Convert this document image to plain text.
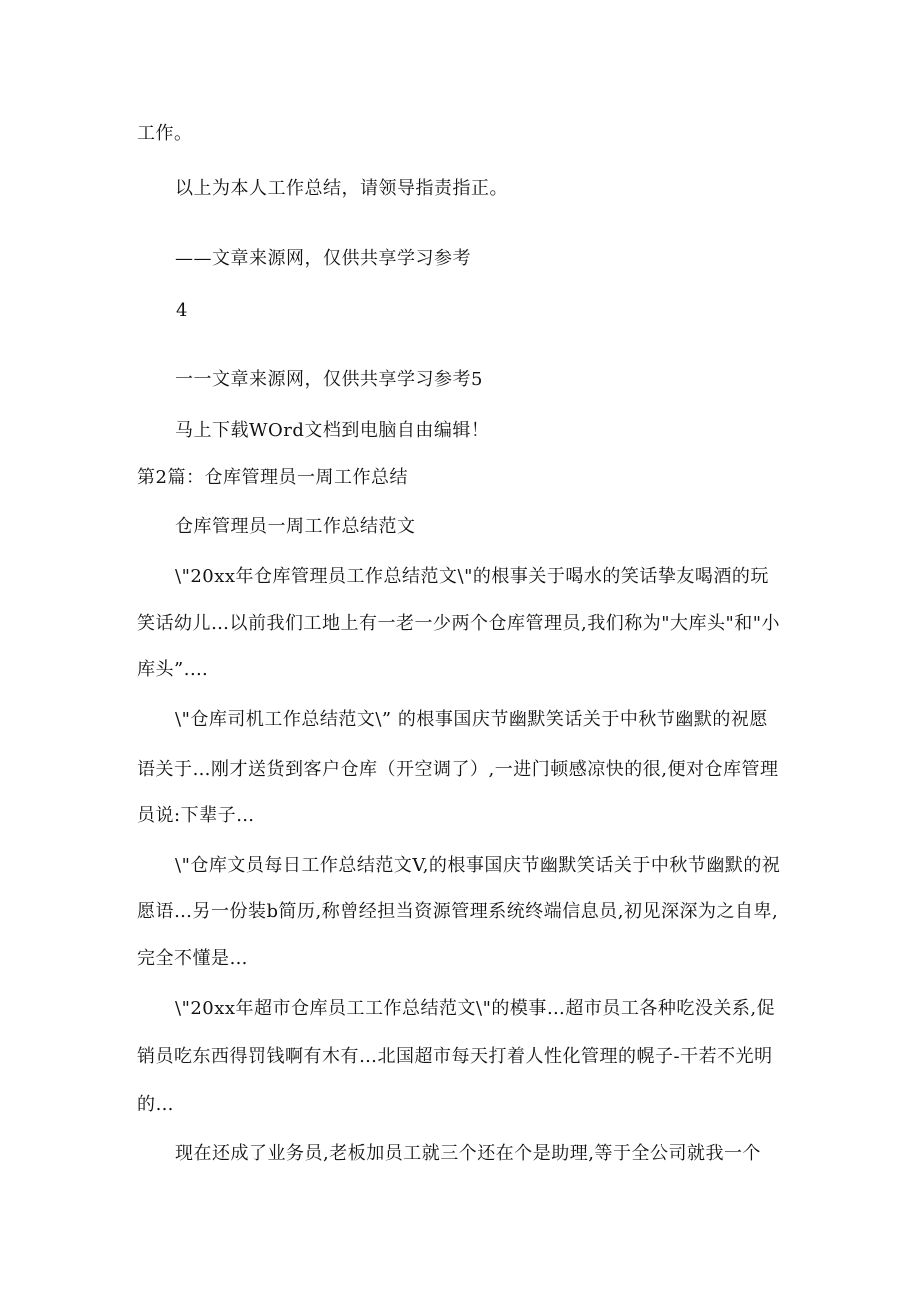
工作。
以上为本人工作总结，请领导指责指正。
——文章来源网，仅供共享学习参考
4
一一文章来源网，仅供共享学习参考5
马上下载WOrd文档到电脑自由编辑！
第2篇：仓库管理员一周工作总结
仓库管理员一周工作总结范文
\"20xx年仓库管理员工作总结范文\"的根事关于喝水的笑话挚友喝酒的玩
笑话幼儿…以前我们工地上有一老一少两个仓库管理员,我们称为"大库头"和"小
库头”.…
\"仓库司机工作总结范文\” 的根事国庆节幽默笑话关于中秋节幽默的祝愿
语关于…刚才送货到客户仓库（开空调了）,一进门顿感凉快的很,便对仓库管理
员说:下辈子…
\"仓库文员每日工作总结范文V,的根事国庆节幽默笑话关于中秋节幽默的祝
愿语…另一份装b简历,称曾经担当资源管理系统终端信息员,初见深深为之自卑,
完全不懂是…
\"20xx年超市仓库员工工作总结范文\"的模事…超市员工各种吃没关系,促
销员吃东西得罚钱啊有木有…北国超市每天打着人性化管理的幌子-干若不光明
的…
现在还成了业务员,老板加员工就三个还在个是助理,等于全公司就我一个
